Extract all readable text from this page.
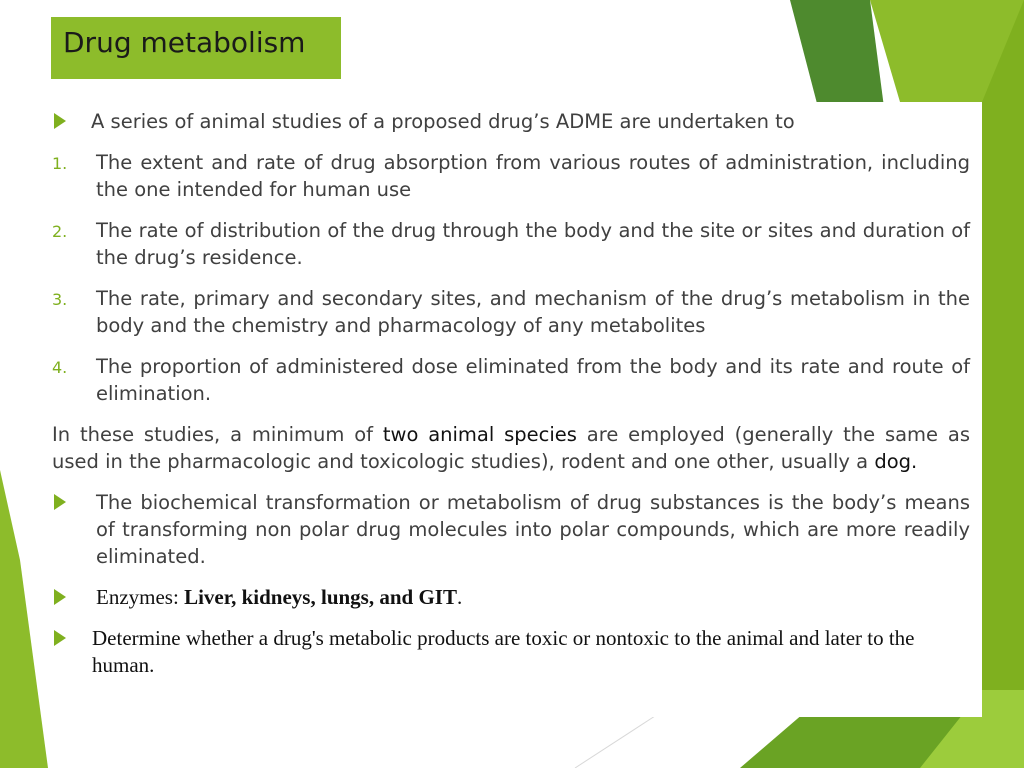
Drug metabolism
A series of animal studies of a proposed drug’s ADME are undertaken to
1. The extent and rate of drug absorption from various routes of administration, including the one intended for human use
2. The rate of distribution of the drug through the body and the site or sites and duration of the drug’s residence.
3. The rate, primary and secondary sites, and mechanism of the drug’s metabolism in the body and the chemistry and pharmacology of any metabolites
4. The proportion of administered dose eliminated from the body and its rate and route of elimination.
In these studies, a minimum of two animal species are employed (generally the same as used in the pharmacologic and toxicologic studies), rodent and one other, usually a dog.
The biochemical transformation or metabolism of drug substances is the body’s means of transforming non polar drug molecules into polar compounds, which are more readily eliminated.
Enzymes: Liver, kidneys, lungs, and GIT.
Determine whether a drug's metabolic products are toxic or nontoxic to the animal and later to the human.
